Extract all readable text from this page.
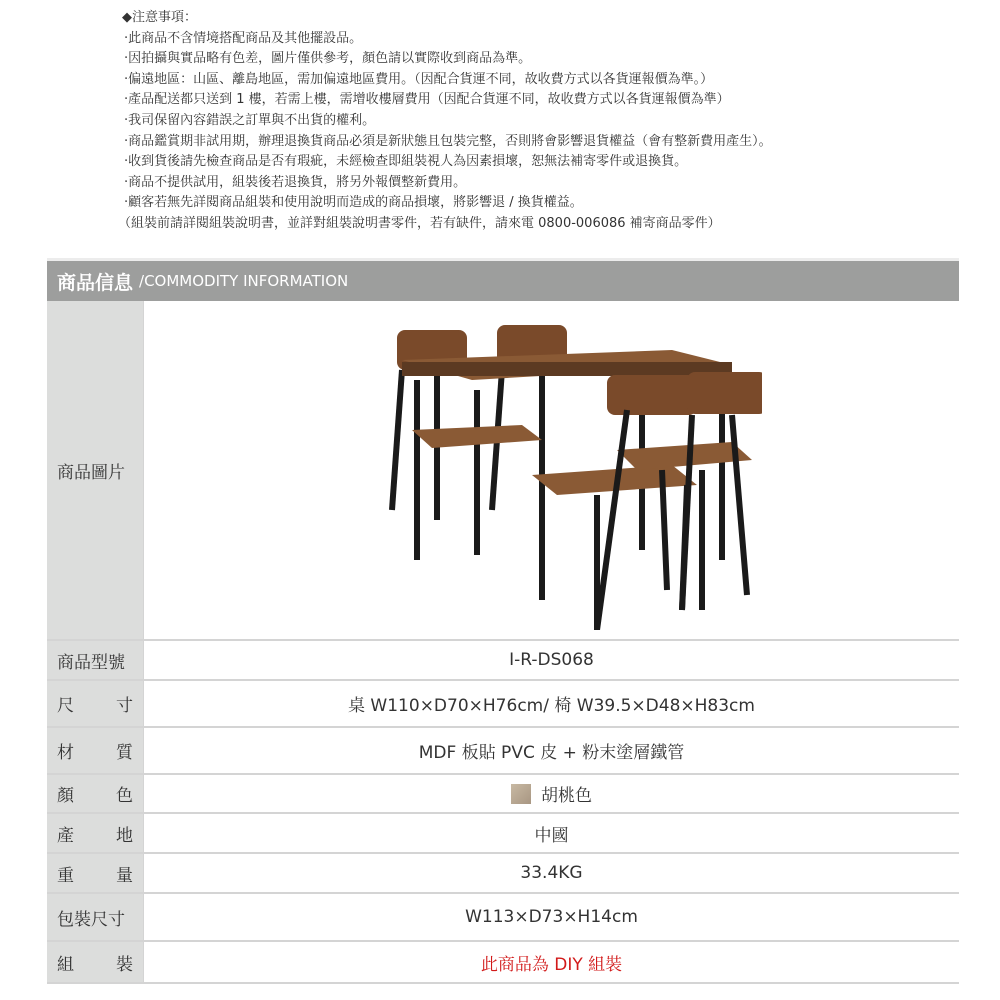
◆注意事項：
‧此商品不含情境搭配商品及其他擺設品。
‧因拍攝與實品略有色差，圖片僅供參考，顏色請以實際收到商品為準。
‧偏遠地區：山區、離島地區，需加偏遠地區費用。（因配合貨運不同，故收費方式以各貨運報價為準。）
‧產品配送都只送到 1 樓，若需上樓，需增收樓層費用（因配合貨運不同，故收費方式以各貨運報價為準）
‧我司保留內容錯誤之訂單與不出貨的權利。
‧商品鑑賞期非試用期，辦理退換貨商品必須是新狀態且包裝完整，否則將會影響退貨權益（會有整新費用產生）。
‧收到貨後請先檢查商品是否有瑕疵，未經檢查即組裝視人為因素損壞，恕無法補寄零件或退換貨。
‧商品不提供試用，組裝後若退換貨，將另外報價整新費用。
‧顧客若無先詳閱商品組裝和使用說明而造成的商品損壞，將影響退 / 換貨權益。
（組裝前請詳閱組裝說明書，並詳對組裝說明書零件，若有缺件，請來電 0800-006086 補寄商品零件）
商品信息 /COMMODITY INFORMATION
商品圖片
商品型號	I-R-DS068
尺 寸	桌 W110×D70×H76cm/ 椅 W39.5×D48×H83cm
材 質	MDF 板貼 PVC 皮 + 粉末塗層鐵管
顏 色	胡桃色
產 地	中國
重 量	33.4KG
包裝尺寸	W113×D73×H14cm
組 裝	此商品為 DIY 組裝
